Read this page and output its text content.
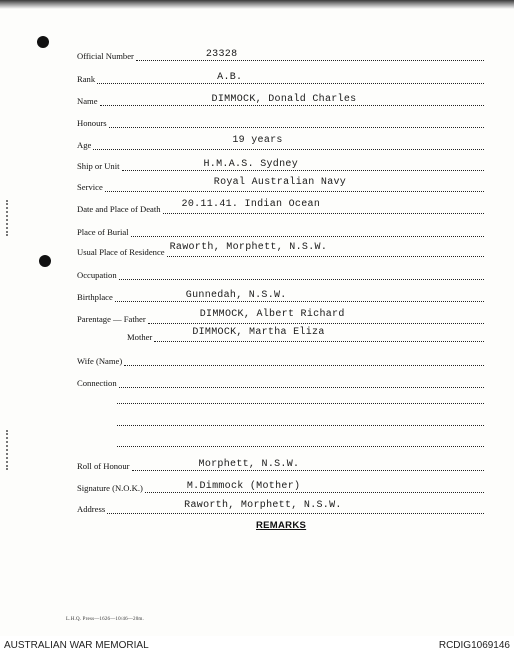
Official Number	23328
Rank	A.B.
Name	DIMMOCK, Donald Charles
Honours
Age	19 years
Ship or Unit	H.M.A.S. Sydney
Service	Royal Australian Navy
Date and Place of Death 20.11.41. Indian Ocean
Place of Burial
Usual Place of Residence Raworth, Morphett, N.S.W.
Occupation
Birthplace	Gunnedah, N.S.W.
Parentage — Father	DIMMOCK, Albert Richard
Mother	DIMMOCK, Martha Eliza
Wife (Name)
Connection
Roll of Honour	Morphett, N.S.W.
Signature (N.O.K.)	M.Dimmock (Mother)
Address	Raworth, Morphett, N.S.W.
REMARKS
L.H.Q. Press—1626—10/46—20m.
AUSTRALIAN WAR MEMORIAL	RCDIG1069146
